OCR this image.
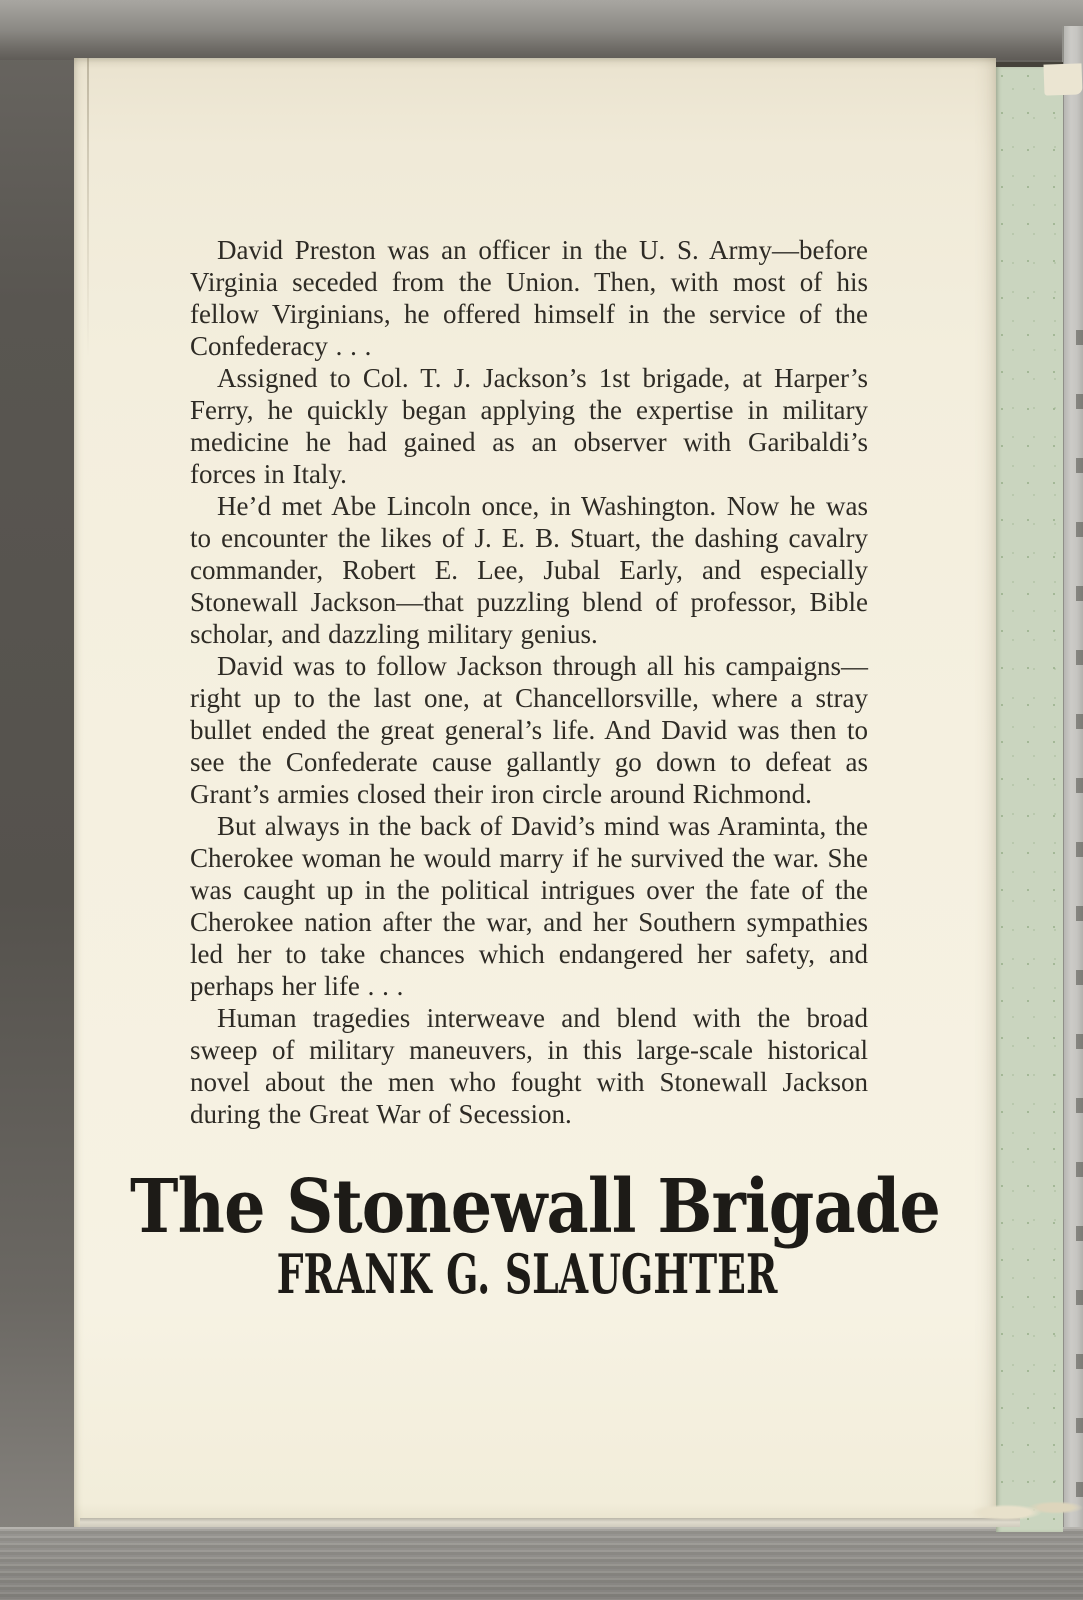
David Preston was an officer in the U. S. Army—before Virginia seceded from the Union. Then, with most of his fellow Virginians, he offered himself in the service of the Confederacy . . .

Assigned to Col. T. J. Jackson’s 1st brigade, at Harper’s Ferry, he quickly began applying the expertise in military medicine he had gained as an observer with Garibaldi’s forces in Italy.

He’d met Abe Lincoln once, in Washington. Now he was to encounter the likes of J. E. B. Stuart, the dashing cavalry commander, Robert E. Lee, Jubal Early, and especially Stonewall Jackson—that puzzling blend of professor, Bible scholar, and dazzling military genius.

David was to follow Jackson through all his campaigns—right up to the last one, at Chancellorsville, where a stray bullet ended the great general’s life. And David was then to see the Confederate cause gallantly go down to defeat as Grant’s armies closed their iron circle around Richmond.

But always in the back of David’s mind was Araminta, the Cherokee woman he would marry if he survived the war. She was caught up in the political intrigues over the fate of the Cherokee nation after the war, and her Southern sympathies led her to take chances which endangered her safety, and perhaps her life . . .

Human tragedies interweave and blend with the broad sweep of military maneuvers, in this large-scale historical novel about the men who fought with Stonewall Jackson during the Great War of Secession.

The Stonewall Brigade
FRANK G. SLAUGHTER
